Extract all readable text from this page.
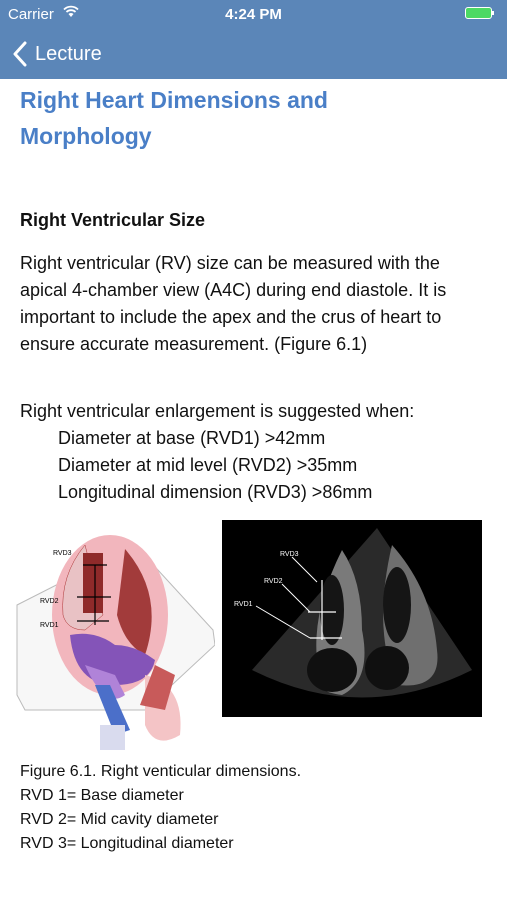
Carrier	4:24 PM
Lecture
Right Heart Dimensions and
Morphology
Right Ventricular Size
Right ventricular (RV) size can be measured with the
apical 4-chamber view (A4C) during end diastole. It is
important to include the apex and the crus of heart to
ensure accurate measurement. (Figure 6.1)
Right ventricular enlargement is suggested when:
Diameter at base (RVD1) >42mm
Diameter at mid level (RVD2) >35mm
Longitudinal dimension (RVD3) >86mm
RVD3
RVD2
RVD1
RVD3
RVD2
RVD1
Figure 6.1. Right venticular dimensions.
RVD 1= Base diameter
RVD 2= Mid cavity diameter
RVD 3= Longitudinal diameter
